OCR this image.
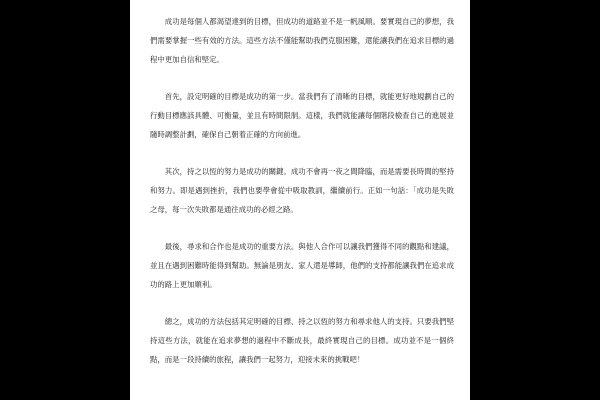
成功是每個人都渴望達到的目標，但成功的道路並不是一帆風順。要實現自己的夢想，我們需要掌握一些有效的方法。這些方法不僅能幫助我們克服困難，還能讓我們在追求目標的過程中更加自信和堅定。

首先，設定明確的目標是成功的第一步。當我們有了清晰的目標，就能更好地規劃自己的行動目標應該具體、可衡量，並且有時間限制。這樣，我們就能讓每個階段檢查自己的進展並隨時調整計劃，確保自己朝着正確的方向前進。

其次，持之以恆的努力是成功的關鍵。成功不會再一夜之間降臨，而是需要長時間的堅持和努力。即是遇到挫折，我們也要學會從中吸取教訓，繼續前行。正如一句話：「成功是失敗之母，每一次失敗都是通往成功的必經之路。

最後，尋求和合作也是成功的重要方法。與他人合作可以讓我們獲得不同的觀點和建議，並且在遇到困難時能得到幫助。無論是朋友、家人還是導師，他們的支持都能讓我們在追求成功的路上更加順利。

總之，成功的方法包括其定明確的目標、持之以恆的努力和尋求他人的支持。只要我們堅持這些方法，就能在追求夢想的過程中不斷成長，最終實現自己的目標。成功並不是一個終點，而是一段持續的旅程，讓我們一起努力，迎接未來的挑戰吧！
